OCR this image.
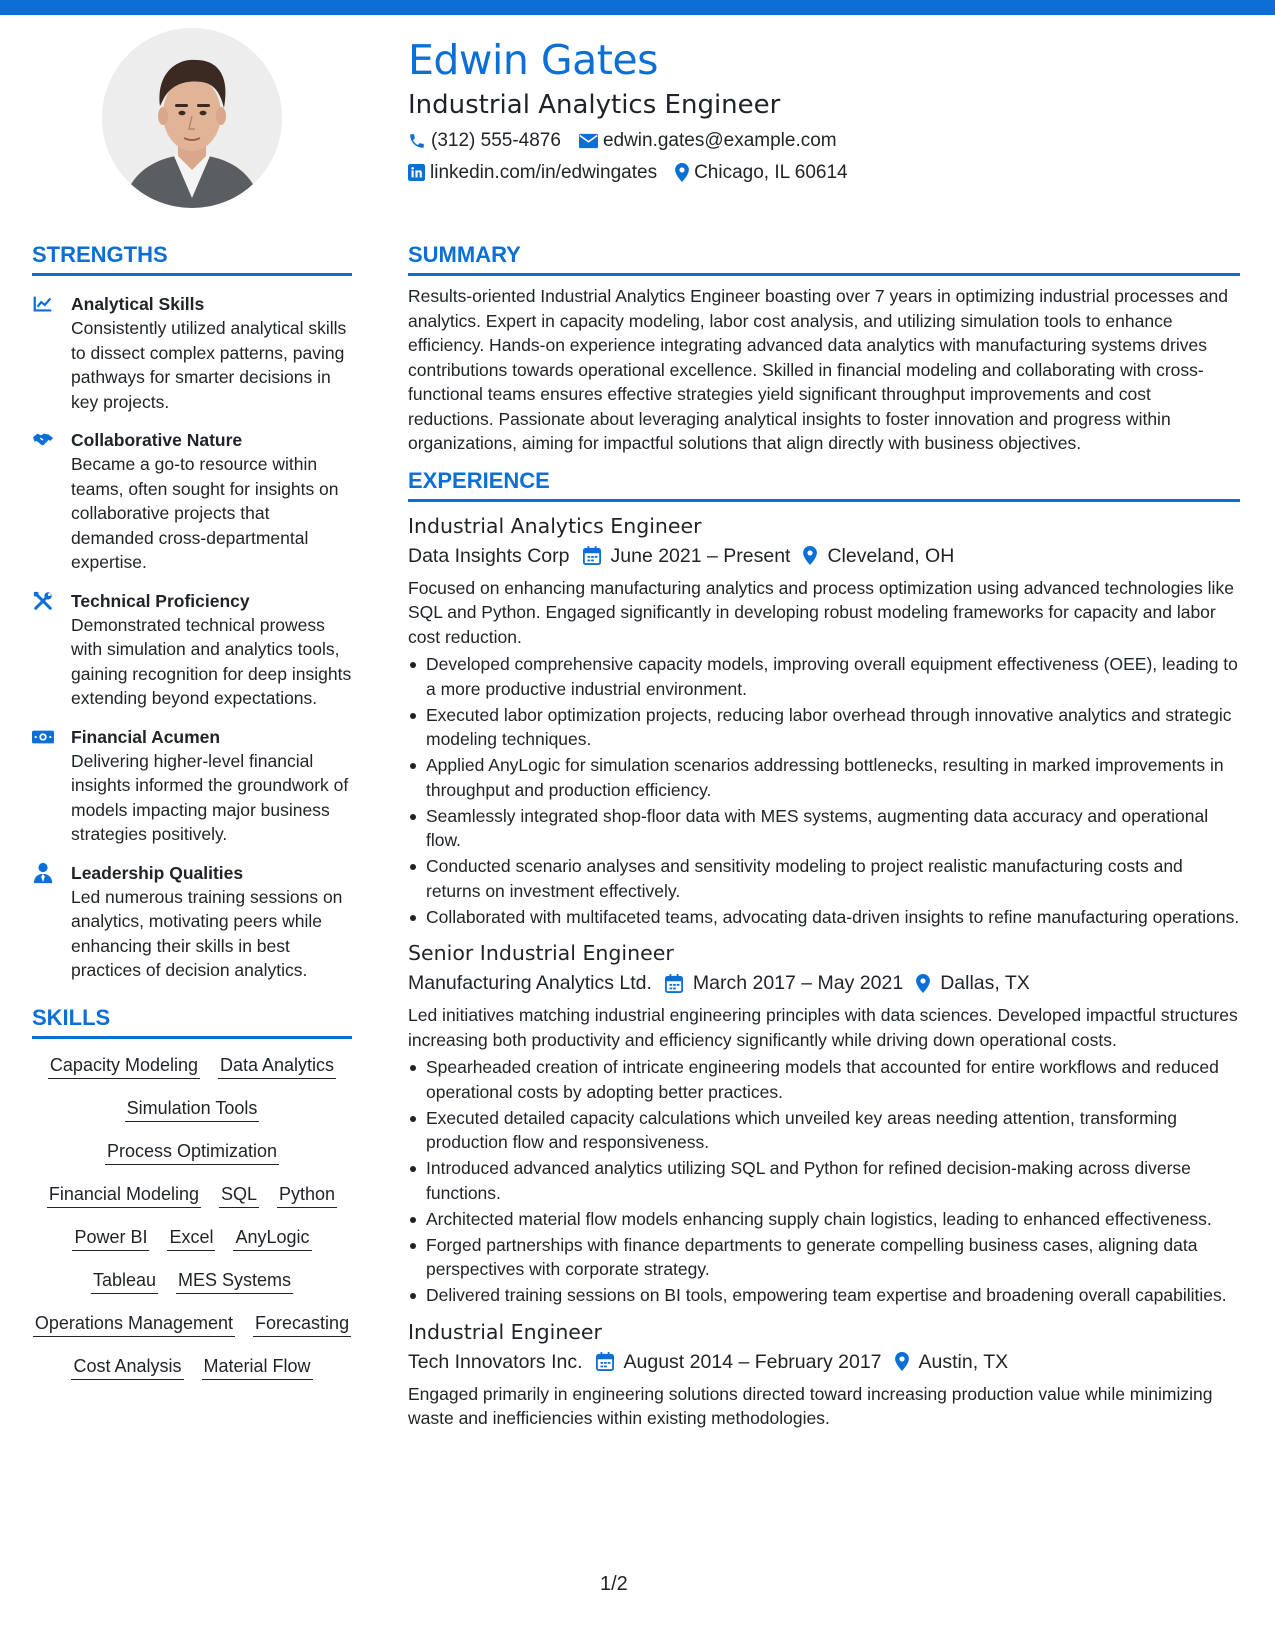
Edwin Gates
Industrial Analytics Engineer
(312) 555-4876 edwin.gates@example.com
linkedin.com/in/edwingates Chicago, IL 60614
STRENGTHS
Analytical Skills
Consistently utilized analytical skills to dissect complex patterns, paving pathways for smarter decisions in key projects.
Collaborative Nature
Became a go-to resource within teams, often sought for insights on collaborative projects that demanded cross-departmental expertise.
Technical Proficiency
Demonstrated technical prowess with simulation and analytics tools, gaining recognition for deep insights extending beyond expectations.
Financial Acumen
Delivering higher-level financial insights informed the groundwork of models impacting major business strategies positively.
Leadership Qualities
Led numerous training sessions on analytics, motivating peers while enhancing their skills in best practices of decision analytics.
SKILLS
Capacity Modeling Data Analytics
Simulation Tools
Process Optimization
Financial Modeling SQL Python
Power BI Excel AnyLogic
Tableau MES Systems
Operations Management Forecasting
Cost Analysis Material Flow
SUMMARY
Results-oriented Industrial Analytics Engineer boasting over 7 years in optimizing industrial processes and analytics. Expert in capacity modeling, labor cost analysis, and utilizing simulation tools to enhance efficiency. Hands-on experience integrating advanced data analytics with manufacturing systems drives contributions towards operational excellence. Skilled in financial modeling and collaborating with cross-functional teams ensures effective strategies yield significant throughput improvements and cost reductions. Passionate about leveraging analytical insights to foster innovation and progress within organizations, aiming for impactful solutions that align directly with business objectives.
EXPERIENCE
Industrial Analytics Engineer
Data Insights Corp June 2021 – Present Cleveland, OH
Focused on enhancing manufacturing analytics and process optimization using advanced technologies like SQL and Python. Engaged significantly in developing robust modeling frameworks for capacity and labor cost reduction.
Developed comprehensive capacity models, improving overall equipment effectiveness (OEE), leading to a more productive industrial environment.
Executed labor optimization projects, reducing labor overhead through innovative analytics and strategic modeling techniques.
Applied AnyLogic for simulation scenarios addressing bottlenecks, resulting in marked improvements in throughput and production efficiency.
Seamlessly integrated shop-floor data with MES systems, augmenting data accuracy and operational flow.
Conducted scenario analyses and sensitivity modeling to project realistic manufacturing costs and returns on investment effectively.
Collaborated with multifaceted teams, advocating data-driven insights to refine manufacturing operations.
Senior Industrial Engineer
Manufacturing Analytics Ltd. March 2017 – May 2021 Dallas, TX
Led initiatives matching industrial engineering principles with data sciences. Developed impactful structures increasing both productivity and efficiency significantly while driving down operational costs.
Spearheaded creation of intricate engineering models that accounted for entire workflows and reduced operational costs by adopting better practices.
Executed detailed capacity calculations which unveiled key areas needing attention, transforming production flow and responsiveness.
Introduced advanced analytics utilizing SQL and Python for refined decision-making across diverse functions.
Architected material flow models enhancing supply chain logistics, leading to enhanced effectiveness.
Forged partnerships with finance departments to generate compelling business cases, aligning data perspectives with corporate strategy.
Delivered training sessions on BI tools, empowering team expertise and broadening overall capabilities.
Industrial Engineer
Tech Innovators Inc. August 2014 – February 2017 Austin, TX
Engaged primarily in engineering solutions directed toward increasing production value while minimizing waste and inefficiencies within existing methodologies.
1/2
